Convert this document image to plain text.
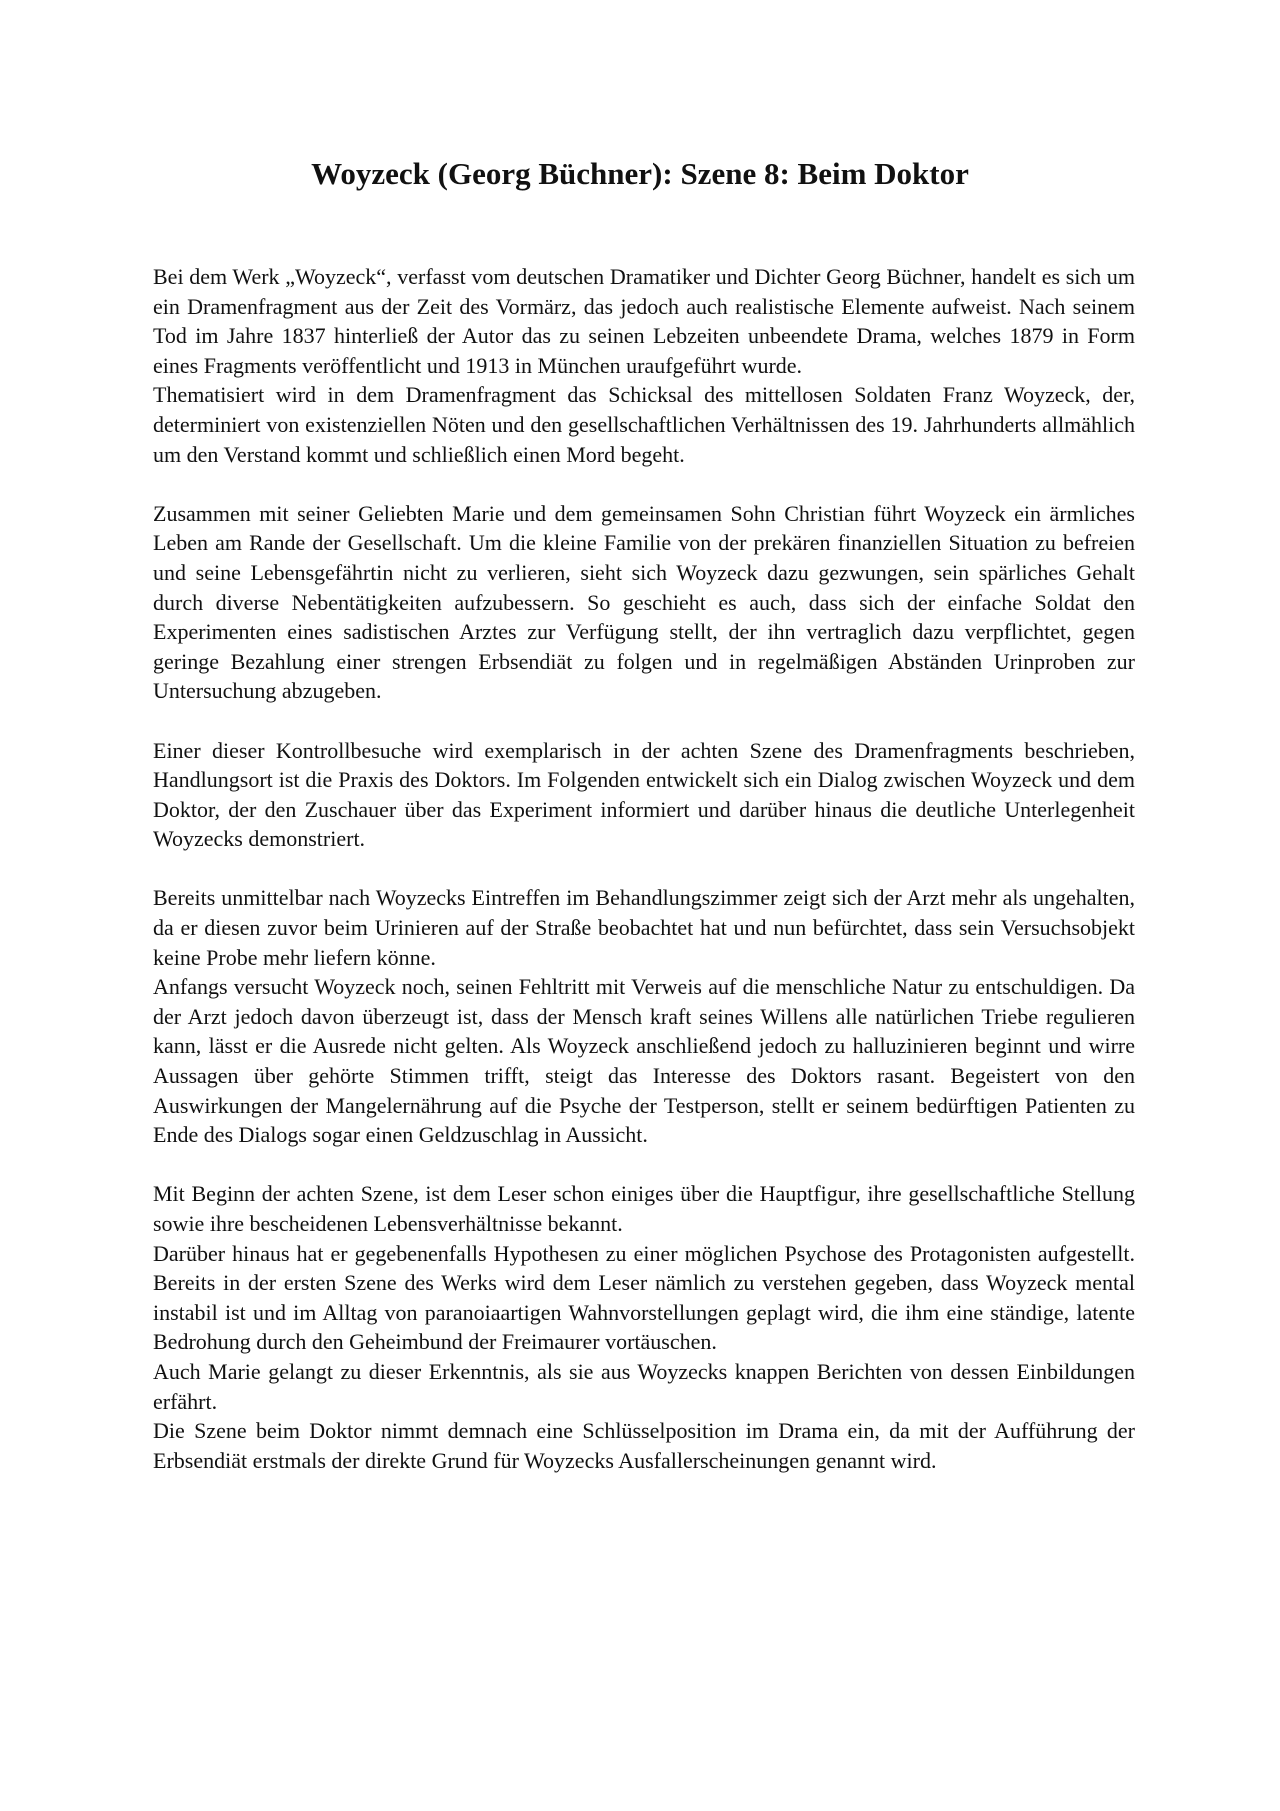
Woyzeck (Georg Büchner): Szene 8: Beim Doktor

Bei dem Werk „Woyzeck“, verfasst vom deutschen Dramatiker und Dichter Georg Büchner, handelt es sich um ein Dramenfragment aus der Zeit des Vormärz, das jedoch auch realistische Elemente aufweist. Nach seinem Tod im Jahre 1837 hinterließ der Autor das zu seinen Lebzeiten unbeendete Drama, welches 1879 in Form eines Fragments veröffentlicht und 1913 in München uraufgeführt wurde.

Thematisiert wird in dem Dramenfragment das Schicksal des mittellosen Soldaten Franz Woyzeck, der, determiniert von existenziellen Nöten und den gesellschaftlichen Verhältnissen des 19. Jahrhunderts allmählich um den Verstand kommt und schließlich einen Mord begeht.

Zusammen mit seiner Geliebten Marie und dem gemeinsamen Sohn Christian führt Woyzeck ein ärmliches Leben am Rande der Gesellschaft. Um die kleine Familie von der prekären finanziellen Situation zu befreien und seine Lebensgefährtin nicht zu verlieren, sieht sich Woyzeck dazu gezwungen, sein spärliches Gehalt durch diverse Nebentätigkeiten aufzubessern. So geschieht es auch, dass sich der einfache Soldat den Experimenten eines sadistischen Arztes zur Verfügung stellt, der ihn vertraglich dazu verpflichtet, gegen geringe Bezahlung einer strengen Erbsendiät zu folgen und in regelmäßigen Abständen Urinproben zur Untersuchung abzugeben.

Einer dieser Kontrollbesuche wird exemplarisch in der achten Szene des Dramenfragments beschrieben, Handlungsort ist die Praxis des Doktors. Im Folgenden entwickelt sich ein Dialog zwischen Woyzeck und dem Doktor, der den Zuschauer über das Experiment informiert und darüber hinaus die deutliche Unterlegenheit Woyzecks demonstriert.

Bereits unmittelbar nach Woyzecks Eintreffen im Behandlungszimmer zeigt sich der Arzt mehr als ungehalten, da er diesen zuvor beim Urinieren auf der Straße beobachtet hat und nun befürchtet, dass sein Versuchsobjekt keine Probe mehr liefern könne.

Anfangs versucht Woyzeck noch, seinen Fehltritt mit Verweis auf die menschliche Natur zu entschuldigen. Da der Arzt jedoch davon überzeugt ist, dass der Mensch kraft seines Willens alle natürlichen Triebe regulieren kann, lässt er die Ausrede nicht gelten. Als Woyzeck anschließend jedoch zu halluzinieren beginnt und wirre Aussagen über gehörte Stimmen trifft, steigt das Interesse des Doktors rasant. Begeistert von den Auswirkungen der Mangelernährung auf die Psyche der Testperson, stellt er seinem bedürftigen Patienten zu Ende des Dialogs sogar einen Geldzuschlag in Aussicht.

Mit Beginn der achten Szene, ist dem Leser schon einiges über die Hauptfigur, ihre gesellschaftliche Stellung sowie ihre bescheidenen Lebensverhältnisse bekannt.

Darüber hinaus hat er gegebenenfalls Hypothesen zu einer möglichen Psychose des Protagonisten aufgestellt. Bereits in der ersten Szene des Werks wird dem Leser nämlich zu verstehen gegeben, dass Woyzeck mental instabil ist und im Alltag von paranoiaartigen Wahnvorstellungen geplagt wird, die ihm eine ständige, latente Bedrohung durch den Geheimbund der Freimaurer vortäuschen.

Auch Marie gelangt zu dieser Erkenntnis, als sie aus Woyzecks knappen Berichten von dessen Einbildungen erfährt.

Die Szene beim Doktor nimmt demnach eine Schlüsselposition im Drama ein, da mit der Aufführung der Erbsendiät erstmals der direkte Grund für Woyzecks Ausfallerscheinungen genannt wird.
